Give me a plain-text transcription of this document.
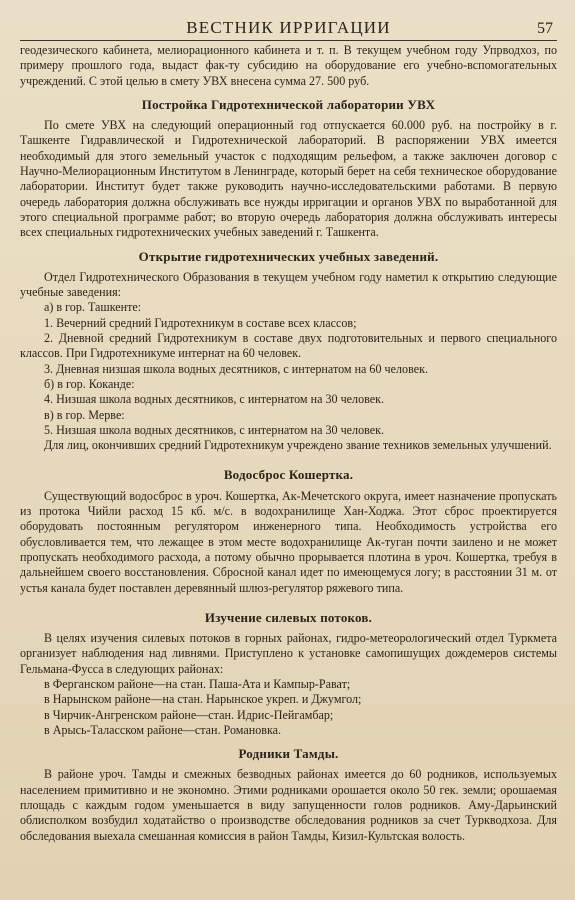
ВЕСТНИК ИРРИГАЦИИ	57

геодезического кабинета, мелиорационного кабинета и т. п. В текущем учебном году Упрводхоз, по примеру прошлого года, выдаст фак-ту субсидию на оборудование его учебно-вспомогательных учреждений. С этой целью в смету УВХ внесена сумма 27. 500 руб.

Постройка Гидротехнической лаборатории УВХ

По смете УВХ на следующий операционный год отпускается 60.000 руб. на постройку в г. Ташкенте Гидравлической и Гидротехнической лабораторий. В распоряжении УВХ имеется необходимый для этого земельный участок с подходящим рельефом, а также заключен договор с Научно-Мелиорационным Институтом в Ленинграде, который берет на себя техническое оборудование лаборатории. Институт будет также руководить научно-исследовательскими работами. В первую очередь лаборатория должна обслуживать все нужды ирригации и органов УВХ по выработанной для этого специальной программе работ; во вторую очередь лаборатория должна обслуживать интересы всех специальных гидротехнических учебных заведений г. Ташкента.

Открытие гидротехнических учебных заведений.

Отдел Гидротехнического Образования в текущем учебном году наметил к открытию следующие учебные заведения:

а) в гор. Ташкенте:

1. Вечерний средний Гидротехникум в составе всех классов;

2. Дневной средний Гидротехникум в составе двух подготовительных и первого специального классов. При Гидротехникуме интернат на 60 человек.

3. Дневная низшая школа водных десятников, с интернатом на 60 человек.

б) в гор. Коканде:

4. Низшая школа водных десятников, с интернатом на 30 человек.

в) в гор. Мерве:

5. Низшая школа водных десятников, с интернатом на 30 человек.

Для лиц, окончивших средний Гидротехникум учреждено звание техников земельных улучшений.

Водосброс Кошертка.

Существующий водосброс в уроч. Кошертка, Ак-Мечетского округа, имеет назначение пропускать из протока Чийли расход 15 кб. м/с. в водохранилище Хан-Ходжа. Этот сброс проектируется оборудовать постоянным регулятором инженерного типа. Необходимость устройства его обусловливается тем, что лежащее в этом месте водохранилище Ак-туган почти заилено и не может пропускать необходимого расхода, а потому обычно прорывается плотина в уроч. Кошертка, требуя в дальнейшем своего восстановления. Сбросной канал идет по имеющемуся логу; в расстоянии 31 м. от устья канала будет поставлен деревянный шлюз-регулятор ряжевого типа.

Изучение силевых потоков.

В целях изучения силевых потоков в горных районах, гидро-метеорологический отдел Туркмета организует наблюдения над ливнями. Приступлено к установке самопишущих дождемеров системы Гельмана-Фусса в следующих районах:

в Ферганском районе—на стан. Паша-Ата и Кампыр-Рават;

в Нарынском районе—на стан. Нарынское укреп. и Джумгол;

в Чирчик-Ангренском районе—стан. Идрис-Пейгамбар;

в Арысь-Таласском районе—стан. Романовка.

Родники Тамды.

В районе уроч. Тамды и смежных безводных районах имеется до 60 родников, используемых населением примитивно и не экономно. Этими родниками орошается около 50 гек. земли; орошаемая площадь с каждым годом уменьшается в виду запущенности голов родников. Аму-Дарьинский облисполком возбудил ходатайство о производстве обследования родников за счет Туркводхоза. Для обследования выехала смешанная комиссия в район Тамды, Кизил-Культская волость.
